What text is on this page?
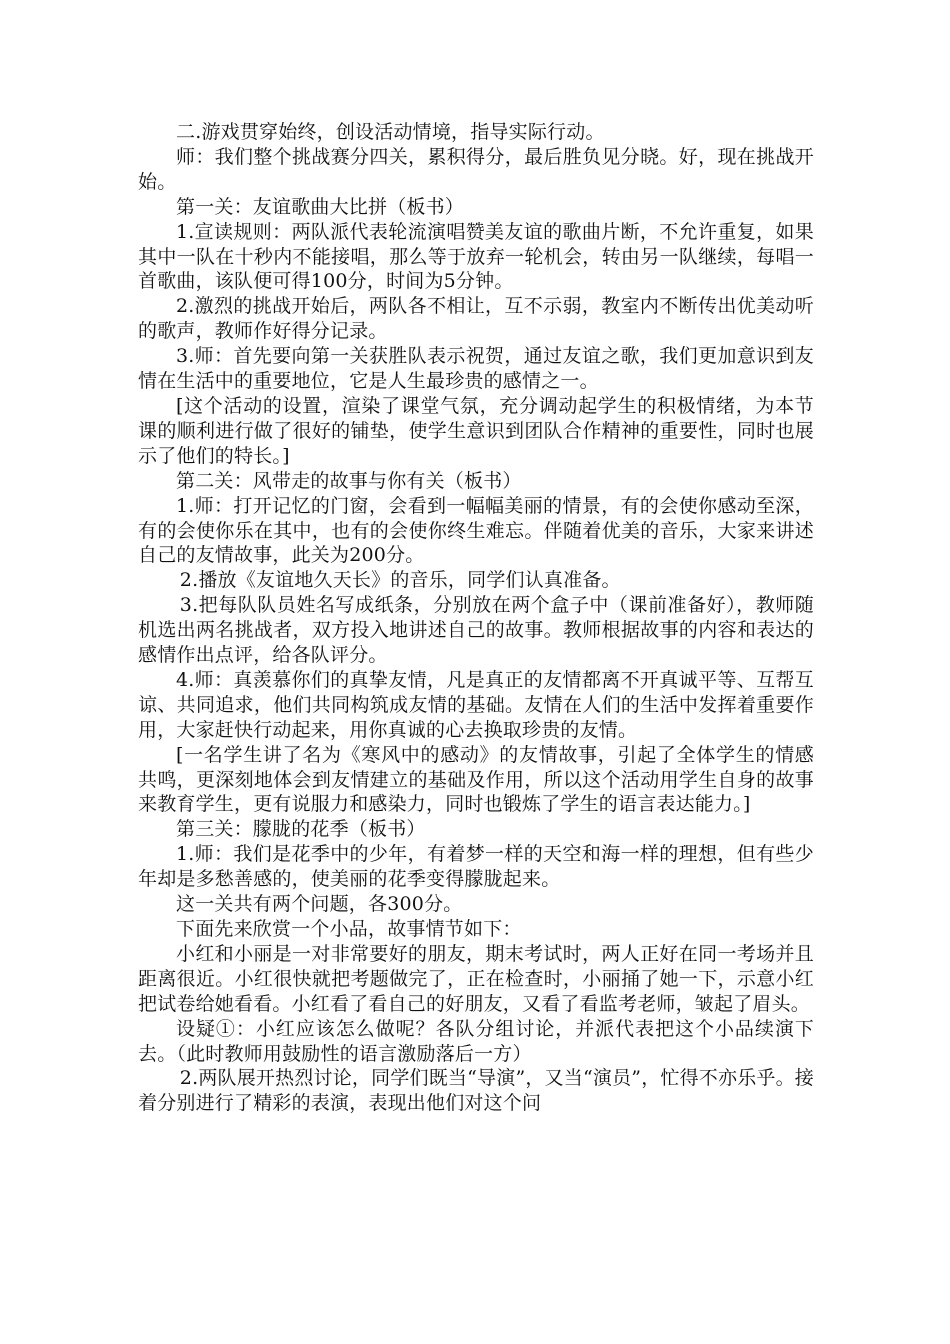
二.游戏贯穿始终，创设活动情境，指导实际行动。

师：我们整个挑战赛分四关，累积得分，最后胜负见分晓。好，现在挑战开始。

第一关：友谊歌曲大比拼（板书）

1.宣读规则：两队派代表轮流演唱赞美友谊的歌曲片断，不允许重复，如果其中一队在十秒内不能接唱，那么等于放弃一轮机会，转由另一队继续，每唱一首歌曲，该队便可得100分，时间为5分钟。

2.激烈的挑战开始后，两队各不相让，互不示弱，教室内不断传出优美动听的歌声，教师作好得分记录。

3.师：首先要向第一关获胜队表示祝贺，通过友谊之歌，我们更加意识到友情在生活中的重要地位，它是人生最珍贵的感情之一。

[这个活动的设置，渲染了课堂气氛，充分调动起学生的积极情绪，为本节课的顺利进行做了很好的铺垫，使学生意识到团队合作精神的重要性，同时也展示了他们的特长。]

第二关：风带走的故事与你有关（板书）

1.师：打开记忆的门窗，会看到一幅幅美丽的情景，有的会使你感动至深，有的会使你乐在其中，也有的会使你终生难忘。伴随着优美的音乐，大家来讲述自己的友情故事，此关为200分。

2.播放《友谊地久天长》的音乐，同学们认真准备。

3.把每队队员姓名写成纸条，分别放在两个盒子中（课前准备好），教师随机选出两名挑战者，双方投入地讲述自己的故事。教师根据故事的内容和表达的感情作出点评，给各队评分。

4.师：真羡慕你们的真挚友情，凡是真正的友情都离不开真诚平等、互帮互谅、共同追求，他们共同构筑成友情的基础。友情在人们的生活中发挥着重要作用，大家赶快行动起来，用你真诚的心去换取珍贵的友情。

[一名学生讲了名为《寒风中的感动》的友情故事，引起了全体学生的情感共鸣，更深刻地体会到友情建立的基础及作用，所以这个活动用学生自身的故事来教育学生，更有说服力和感染力，同时也锻炼了学生的语言表达能力。]

第三关：朦胧的花季（板书）

1.师：我们是花季中的少年，有着梦一样的天空和海一样的理想，但有些少年却是多愁善感的，使美丽的花季变得朦胧起来。

这一关共有两个问题，各300分。

下面先来欣赏一个小品，故事情节如下：

小红和小丽是一对非常要好的朋友，期末考试时，两人正好在同一考场并且距离很近。小红很快就把考题做完了，正在检查时，小丽捅了她一下，示意小红把试卷给她看看。小红看了看自己的好朋友，又看了看监考老师，皱起了眉头。

设疑①：小红应该怎么做呢？各队分组讨论，并派代表把这个小品续演下去。（此时教师用鼓励性的语言激励落后一方）

2.两队展开热烈讨论，同学们既当“导演”，又当“演员”，忙得不亦乐乎。接着分别进行了精彩的表演，表现出他们对这个问
